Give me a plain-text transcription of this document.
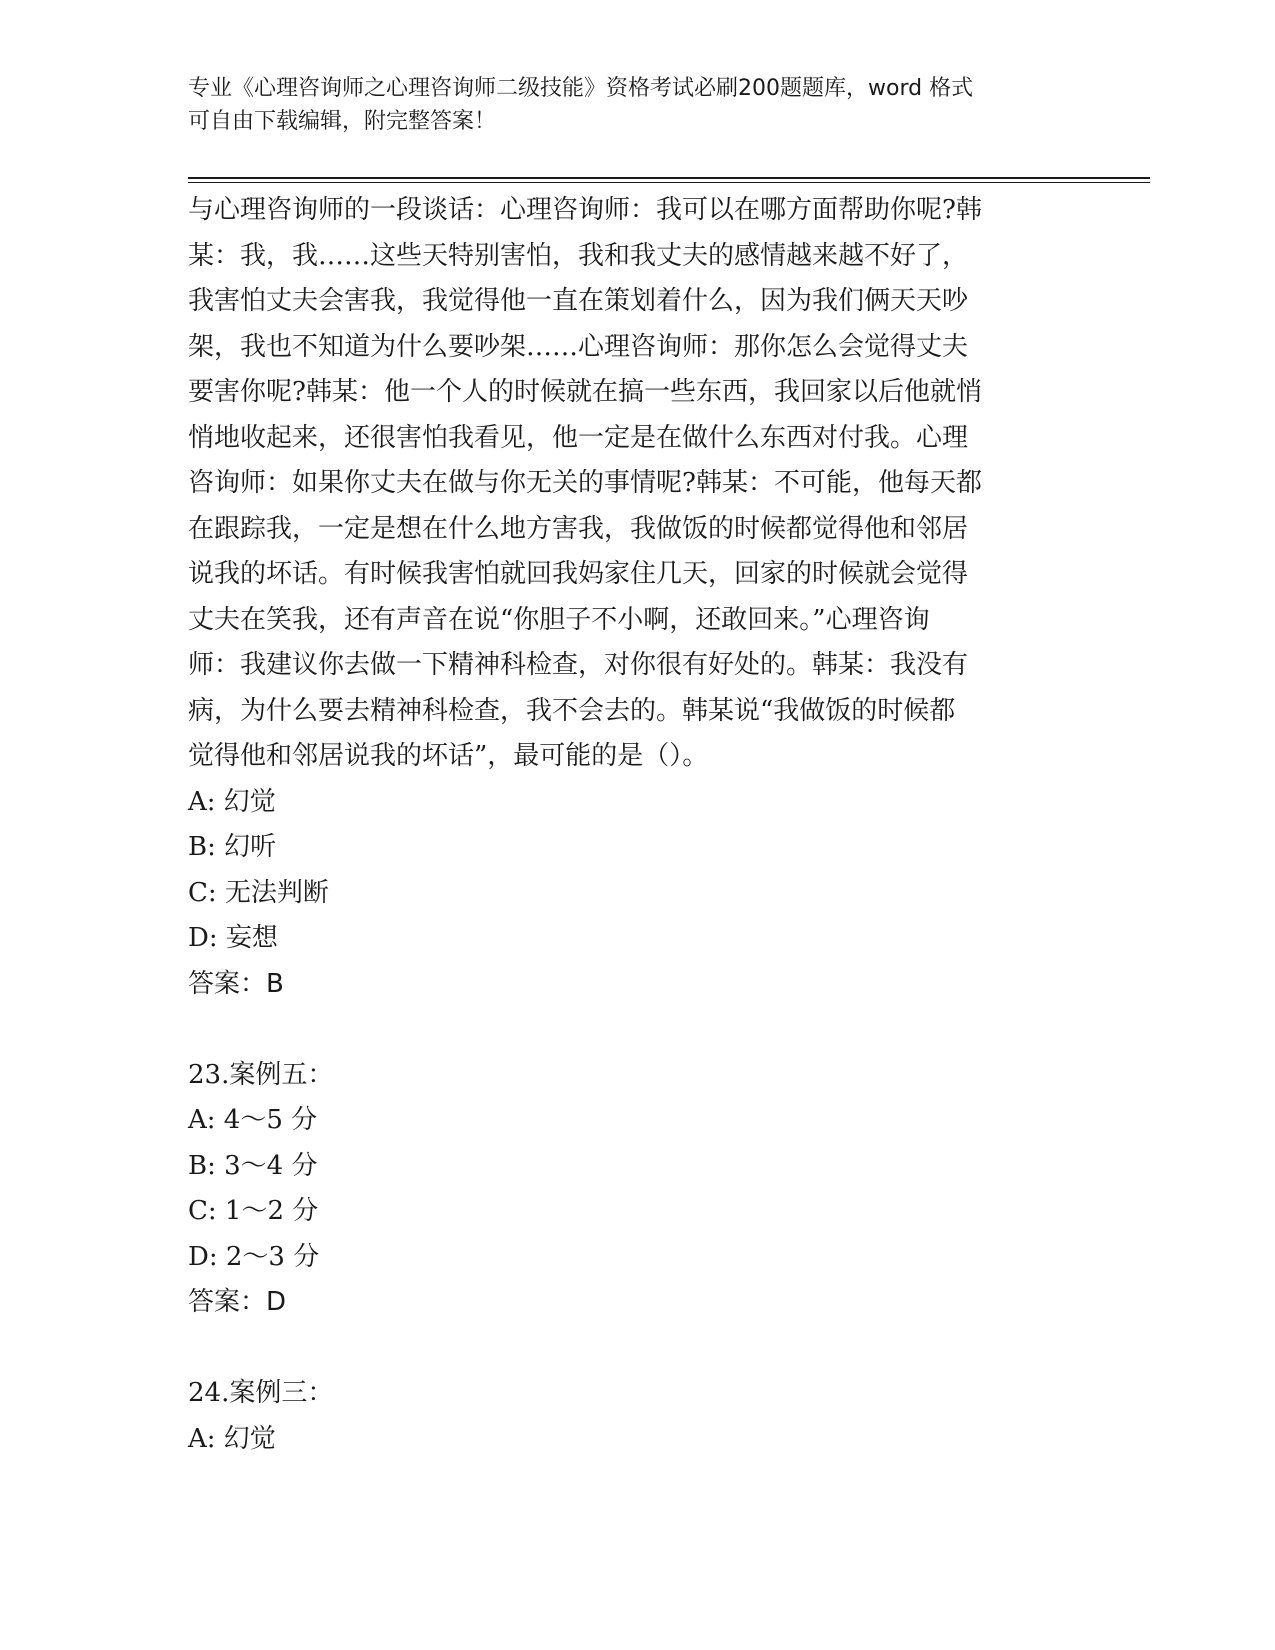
专业《心理咨询师之心理咨询师二级技能》资格考试必刷200题题库，word 格式
可自由下载编辑，附完整答案！
与心理咨询师的一段谈话：心理咨询师：我可以在哪方面帮助你呢?韩
某：我，我……这些天特别害怕，我和我丈夫的感情越来越不好了，
我害怕丈夫会害我，我觉得他一直在策划着什么，因为我们俩天天吵
架，我也不知道为什么要吵架……心理咨询师：那你怎么会觉得丈夫
要害你呢?韩某：他一个人的时候就在搞一些东西，我回家以后他就悄
悄地收起来，还很害怕我看见，他一定是在做什么东西对付我。心理
咨询师：如果你丈夫在做与你无关的事情呢?韩某：不可能，他每天都
在跟踪我，一定是想在什么地方害我，我做饭的时候都觉得他和邻居
说我的坏话。有时候我害怕就回我妈家住几天，回家的时候就会觉得
丈夫在笑我，还有声音在说“你胆子不小啊，还敢回来。”心理咨询
师：我建议你去做一下精神科检查，对你很有好处的。韩某：我没有
病，为什么要去精神科检查，我不会去的。韩某说“我做饭的时候都
觉得他和邻居说我的坏话”，最可能的是（）。
A: 幻觉
B: 幻听
C: 无法判断
D: 妄想
答案：B
23.案例五：
A: 4～5 分
B: 3～4 分
C: 1～2 分
D: 2～3 分
答案：D
24.案例三：
A: 幻觉
